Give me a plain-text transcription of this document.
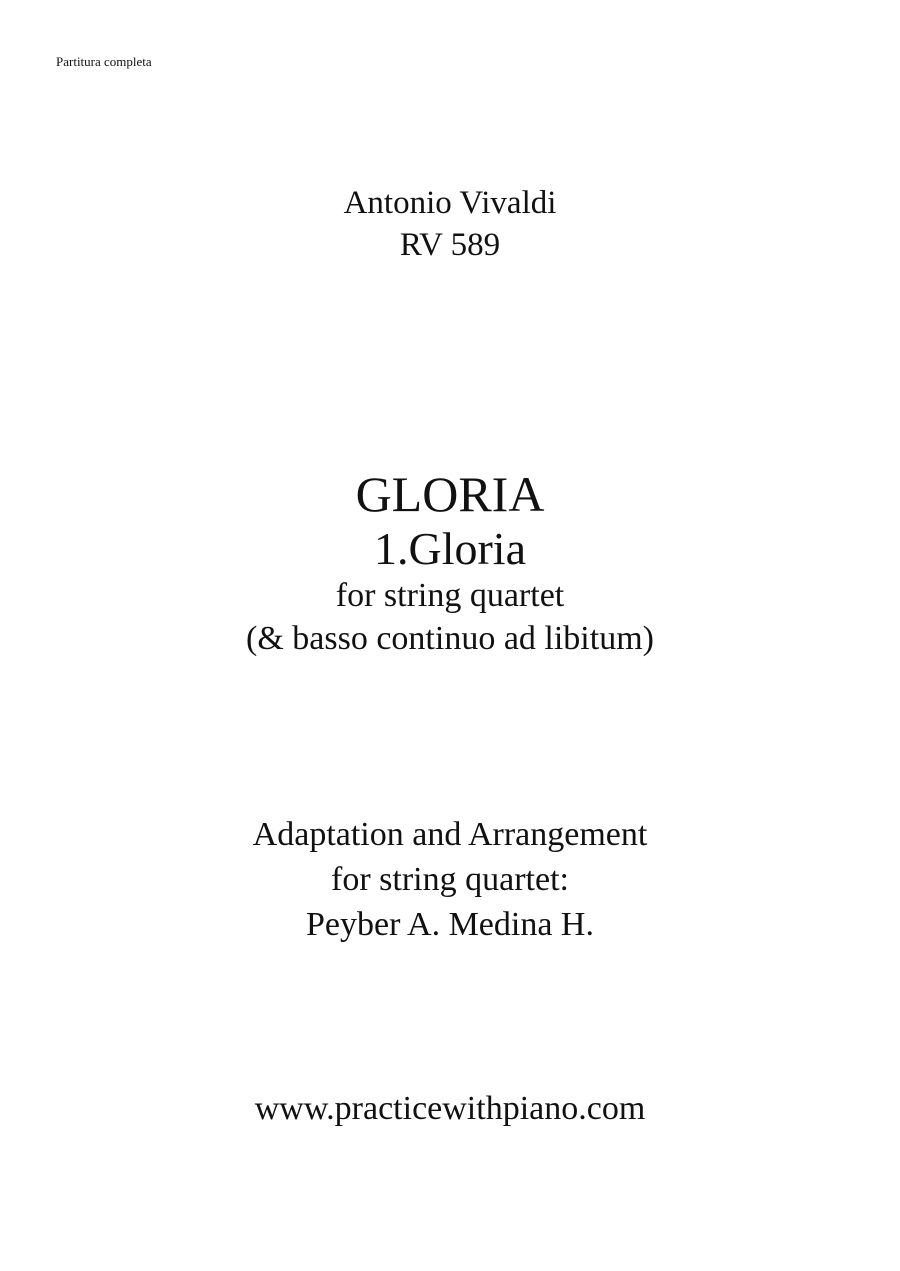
Partitura completa
Antonio Vivaldi
RV 589
GLORIA
1.Gloria
for string quartet
(& basso continuo ad libitum)
Adaptation and Arrangement
for string quartet:
Peyber A. Medina H.
www.practicewithpiano.com
